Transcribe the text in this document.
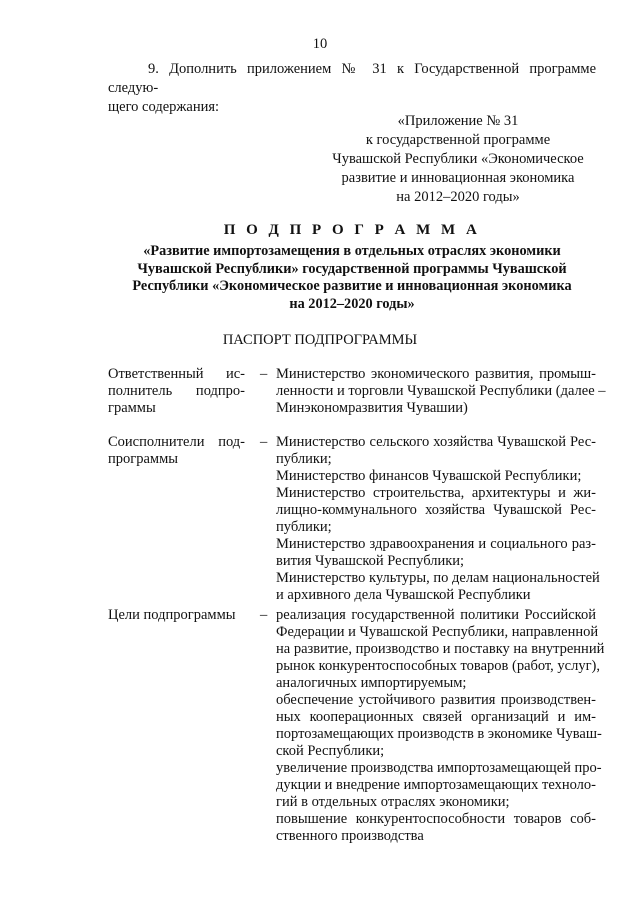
10
9. Дополнить приложением № 31 к Государственной программе следую-
щего содержания:
«Приложение № 31
к государственной программе
Чувашской Республики «Экономическое
развитие и инновационная экономика
на 2012–2020 годы»
П О Д П Р О Г Р А М М А
«Развитие импортозамещения в отдельных отраслях экономики
Чувашской Республики» государственной программы Чувашской
Республики «Экономическое развитие и инновационная экономика
на 2012–2020 годы»
ПАСПОРТ ПОДПРОГРАММЫ
Ответственный ис-
полнитель подпро-
граммы
– Министерство экономического развития, промыш-
ленности и торговли Чувашской Республики (далее –
Минэкономразвития Чувашии)
Соисполнители под-
программы
– Министерство сельского хозяйства Чувашской Рес-
публики;
Министерство финансов Чувашской Республики;
Министерство строительства, архитектуры и жи-
лищно-коммунального хозяйства Чувашской Рес-
публики;
Министерство здравоохранения и социального раз-
вития Чувашской Республики;
Министерство культуры, по делам национальностей
и архивного дела Чувашской Республики
Цели подпрограммы	– реализация государственной политики Российской
Федерации и Чувашской Республики, направленной
на развитие, производство и поставку на внутренний
рынок конкурентоспособных товаров (работ, услуг),
аналогичных импортируемым;
обеспечение устойчивого развития производствен-
ных кооперационных связей организаций и им-
портозамещающих производств в экономике Чуваш-
ской Республики;
увеличение производства импортозамещающей про-
дукции и внедрение импортозамещающих техноло-
гий в отдельных отраслях экономики;
повышение конкурентоспособности товаров соб-
ственного производства
